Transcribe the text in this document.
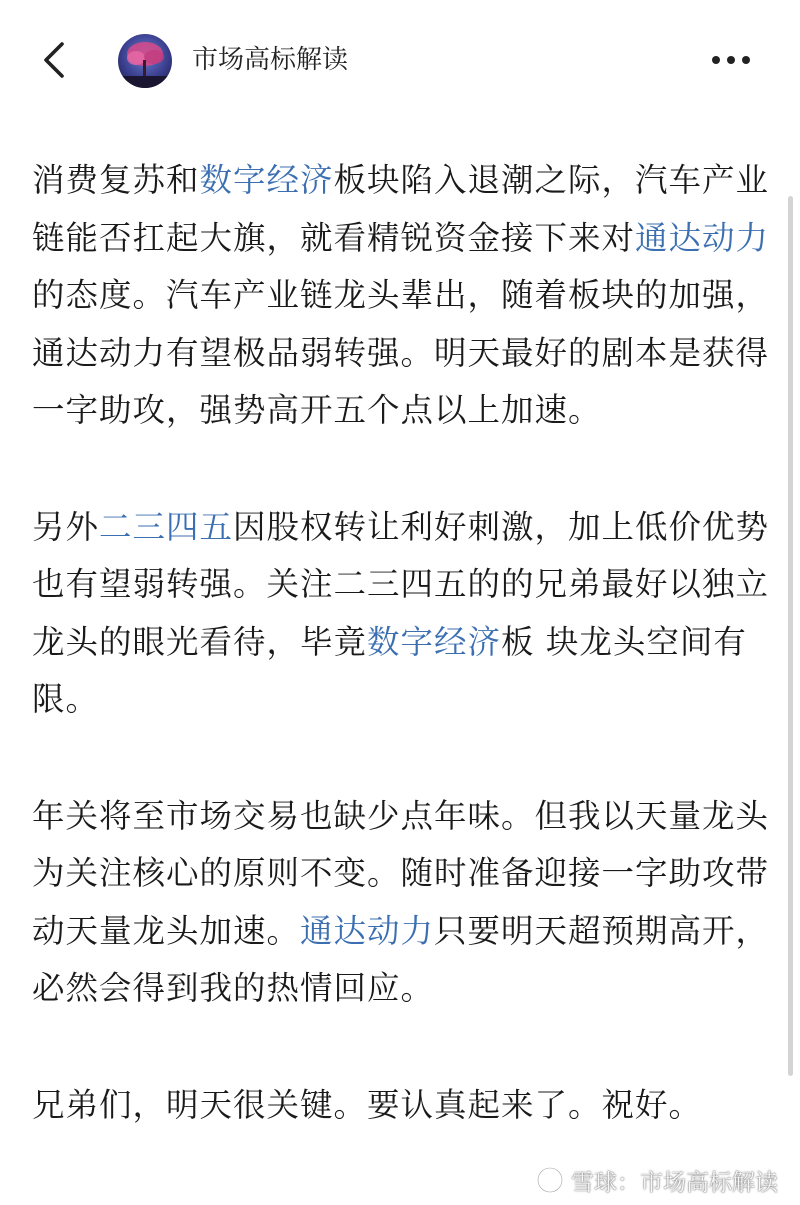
市场高标解读

消费复苏和数字经济板块陷入退潮之际，汽车产业链能否扛起大旗，就看精锐资金接下来对通达动力的态度。汽车产业链龙头辈出，随着板块的加强，通达动力有望极品弱转强。明天最好的剧本是获得一字助攻，强势高开五个点以上加速。

另外二三四五因股权转让利好刺激，加上低价优势也有望弱转强。关注二三四五的的兄弟最好以独立龙头的眼光看待，毕竟数字经济板 块龙头空间有限。

年关将至市场交易也缺少点年味。但我以天量龙头为关注核心的原则不变。随时准备迎接一字助攻带动天量龙头加速。通达动力只要明天超预期高开，必然会得到我的热情回应。

兄弟们，明天很关键。要认真起来了。祝好。

雪球：市场高标解读
